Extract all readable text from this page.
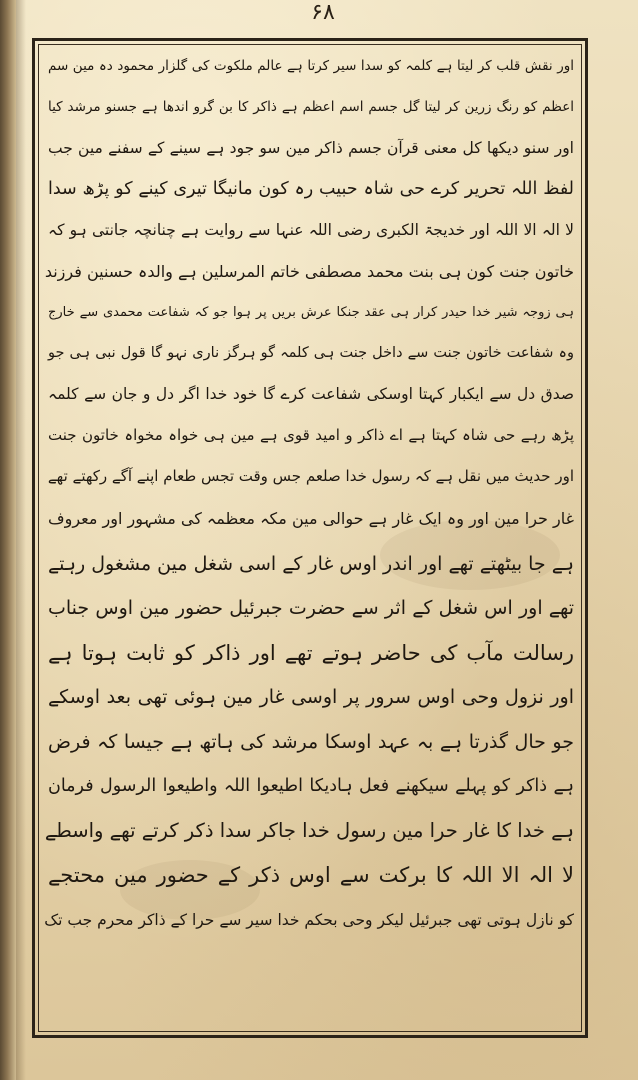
۶۸
اور نقش قلب کر لیتا ہے کلمہ کو سدا سیر کرتا ہے عالم ملکوت کی گلزار محمود دہ مین سم
اعظم کو رنگ زرین کر لیتا گل جسم اسم اعظم ہے ذاکر کا بن گرو اندھا ہے جسنو مرشد کیا
اور سنو دیکھا کل معنی قرآن جسم ذاکر مین سو جود ہے سینے کے سفنے مین جب
لفظ اللہ تحریر کرے حی شاہ حبیب رہ کون مانیگا تیری کینے کو پڑھ سدا
لا الہ الا اللہ اور خدیجۃ الکبری رضی اللہ عنہا سے روایت ہے چنانچہ جانتی ہو کہ
خاتون جنت کون ہی بنت محمد مصطفی خاتم المرسلین ہے والدہ حسنین فرزند
ہی زوجہ شیر خدا حیدر کرار ہی عقد جنکا عرش بریں پر ہوا جو کہ شفاعت محمدی سے خارج
وہ شفاعت خاتون جنت سے داخل جنت ہی کلمہ گو ہرگز ناری نہو گا قول نبی ہی جو
صدق دل سے ایکبار کہتا اوسکی شفاعت کرے گا خود خدا اگر دل و جان سے کلمہ
پڑھ رہے حی شاہ کہتا ہے اے ذاکر و امید قوی ہے مین ہی خواہ مخواہ خاتون جنت
اور حدیث میں نقل ہے کہ رسول خدا صلعم جس وقت تجس طعام اپنے آگے رکھتے تھے
غار حرا مین اور وہ ایک غار ہے حوالی مین مکہ معظمہ کی مشہور اور معروف
ہے جا بیٹھتے تھے اور اندر اوس غار کے اسی شغل مین مشغول رہتے
تھے اور اس شغل کے اثر سے حضرت جبرئیل حضور مین اوس جناب
رسالت مآب کی حاضر ہوتے تھے اور ذاکر کو ثابت ہوتا ہے
اور نزول وحی اوس سرور پر اوسی غار مین ہوئی تھی بعد اوسکے
جو حال گذرتا ہے بہ عہد اوسکا مرشد کی ہاتھ ہے جیسا کہ فرض
ہے ذاکر کو پہلے سیکھنے فعل ہادیکا اطیعوا اللہ واطیعوا الرسول فرمان
ہے خدا کا غار حرا مین رسول خدا جاکر سدا ذکر کرتے تھے واسطے
لا الہ الا اللہ کا برکت سے اوس ذکر کے حضور مین محتجے
کو نازل ہوتی تھی جبرئیل لیکر وحی بحکم خدا سیر سے حرا کے ذاکر محرم جب تک
